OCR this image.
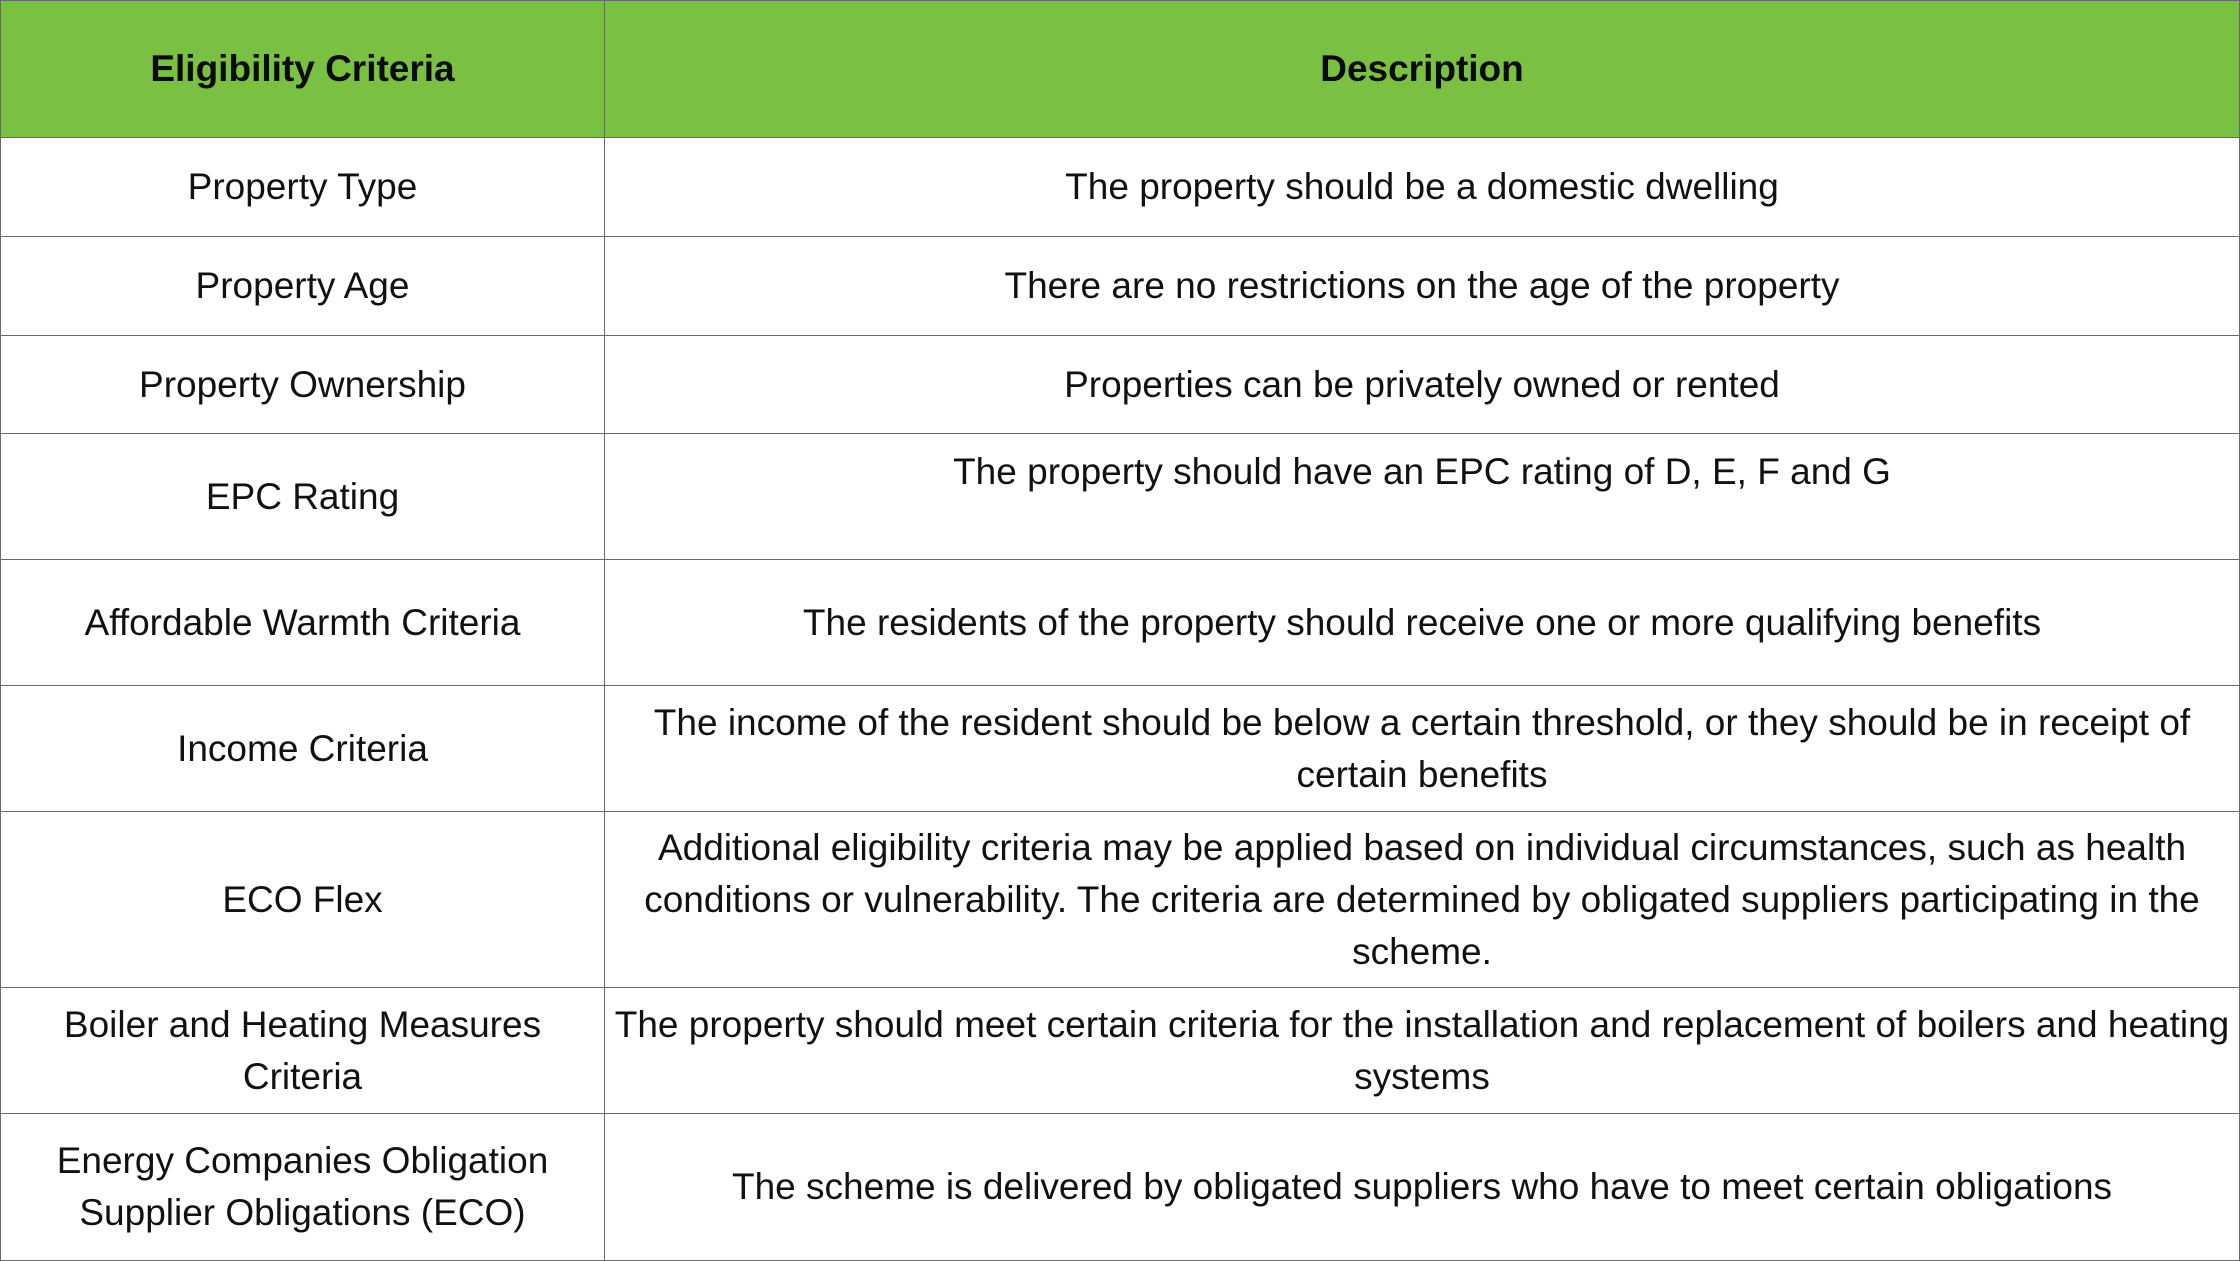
Eligibility Criteria	Description
Property Type	The property should be a domestic dwelling
Property Age	There are no restrictions on the age of the property
Property Ownership	Properties can be privately owned or rented
EPC Rating	The property should have an EPC rating of D, E, F and G
Affordable Warmth Criteria	The residents of the property should receive one or more qualifying benefits
Income Criteria	The income of the resident should be below a certain threshold, or they should be in receipt of certain benefits
ECO Flex	Additional eligibility criteria may be applied based on individual circumstances, such as health conditions or vulnerability. The criteria are determined by obligated suppliers participating in the scheme.
Boiler and Heating Measures Criteria	The property should meet certain criteria for the installation and replacement of boilers and heating systems
Energy Companies Obligation Supplier Obligations (ECO)	The scheme is delivered by obligated suppliers who have to meet certain obligations
